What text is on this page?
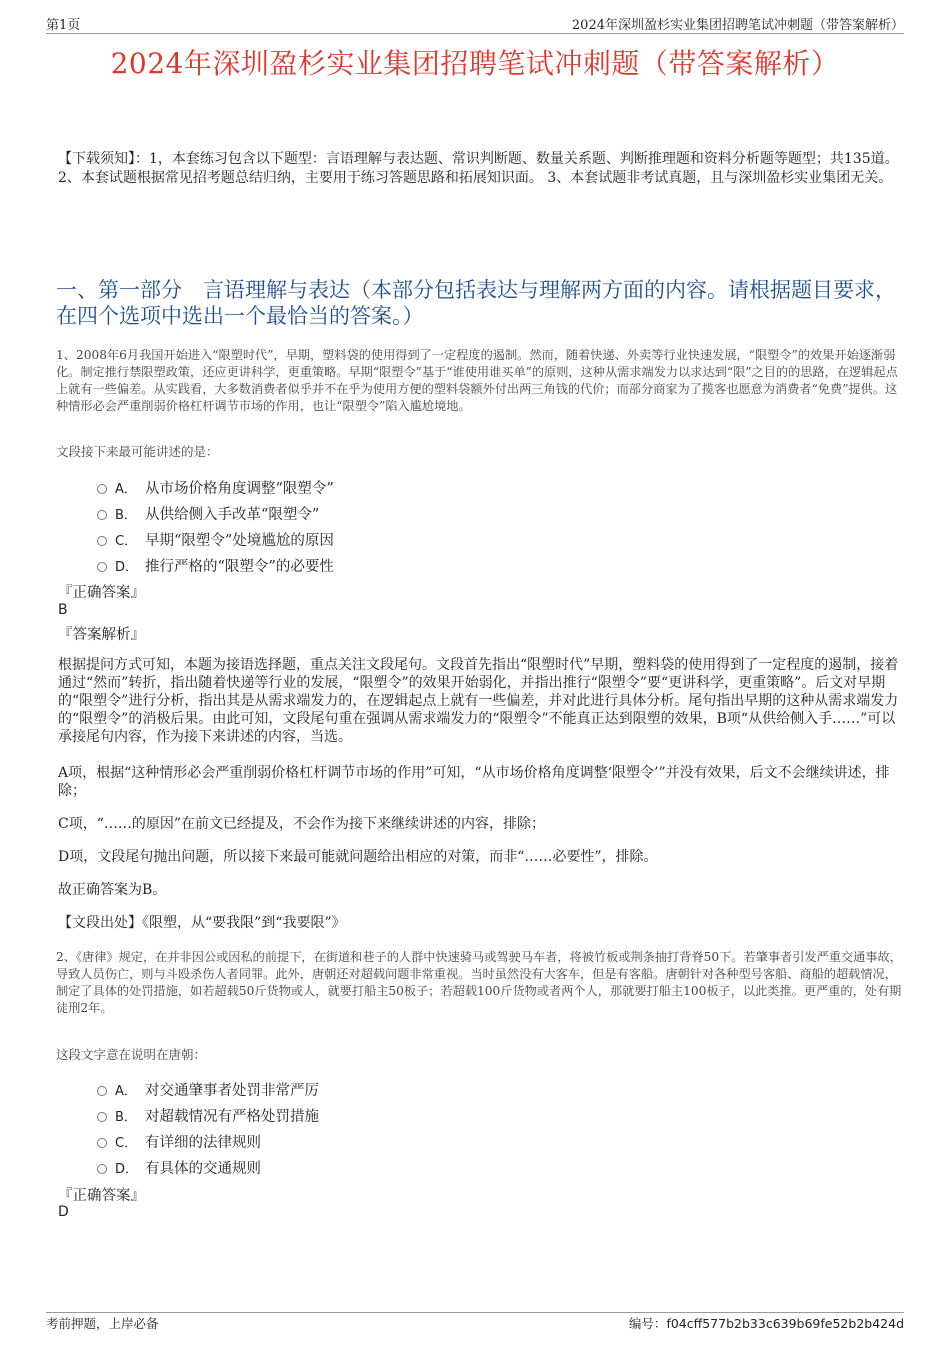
第1页	2024年深圳盈杉实业集团招聘笔试冲刺题（带答案解析）
2024年深圳盈杉实业集团招聘笔试冲刺题（带答案解析）
【下载须知】：1，本套练习包含以下题型：言语理解与表达题、常识判断题、数量关系题、判断推理题和资料分析题等题型；共135道。 2、本套试题根据常见招考题总结归纳，主要用于练习答题思路和拓展知识面。 3、本套试题非考试真题，且与深圳盈杉实业集团无关。
一、第一部分　言语理解与表达（本部分包括表达与理解两方面的内容。请根据题目要求，在四个选项中选出一个最恰当的答案。）
1、2008年6月我国开始进入“限塑时代”，早期，塑料袋的使用得到了一定程度的遏制。然而，随着快递、外卖等行业快速发展，“限塑令”的效果开始逐渐弱化。制定推行禁限塑政策，还应更讲科学，更重策略。早期“限塑令”基于“谁使用谁买单”的原则，这种从需求端发力以求达到“限”之目的的思路，在逻辑起点上就有一些偏差。从实践看，大多数消费者似乎并不在乎为使用方便的塑料袋额外付出两三角钱的代价；而部分商家为了揽客也愿意为消费者“免费”提供。这种情形必会严重削弱价格杠杆调节市场的作用，也让“限塑令”陷入尴尬境地。
文段接下来最可能讲述的是：
A． 从市场价格角度调整“限塑令”
B． 从供给侧入手改革“限塑令”
C． 早期“限塑令”处境尴尬的原因
D． 推行严格的“限塑令”的必要性
『正确答案』
B
『答案解析』
根据提问方式可知，本题为接语选择题，重点关注文段尾句。文段首先指出“限塑时代”早期，塑料袋的使用得到了一定程度的遏制，接着通过“然而”转折，指出随着快递等行业的发展，“限塑令”的效果开始弱化，并指出推行“限塑令”要“更讲科学，更重策略”。后文对早期的“限塑令”进行分析，指出其是从需求端发力的，在逻辑起点上就有一些偏差，并对此进行具体分析。尾句指出早期的这种从需求端发力的“限塑令”的消极后果。由此可知，文段尾句重在强调从需求端发力的“限塑令”不能真正达到限塑的效果，B项“从供给侧入手……”可以承接尾句内容，作为接下来讲述的内容，当选。
A项，根据“这种情形必会严重削弱价格杠杆调节市场的作用”可知，“从市场价格角度调整‘限塑令’”并没有效果，后文不会继续讲述，排除；
C项，“……的原因”在前文已经提及，不会作为接下来继续讲述的内容，排除；
D项，文段尾句抛出问题，所以接下来最可能就问题给出相应的对策，而非“……必要性”，排除。
故正确答案为B。
【文段出处】《限塑，从“要我限”到“我要限”》
2、《唐律》规定，在并非因公或因私的前提下，在街道和巷子的人群中快速骑马或驾驶马车者，将被竹板或荆条抽打背脊50下。若肇事者引发严重交通事故，导致人员伤亡，则与斗殴杀伤人者同罪。此外，唐朝还对超载问题非常重视。当时虽然没有大客车，但是有客船。唐朝针对各种型号客船、商船的超载情况，制定了具体的处罚措施，如若超载50斤货物或人，就要打船主50板子；若超载100斤货物或者两个人，那就要打船主100板子，以此类推。更严重的，处有期徒刑2年。
这段文字意在说明在唐朝：
A． 对交通肇事者处罚非常严厉
B． 对超载情况有严格处罚措施
C． 有详细的法律规则
D． 有具体的交通规则
『正确答案』
D
考前押题，上岸必备	编号：f04cff577b2b33c639b69fe52b2b424d
